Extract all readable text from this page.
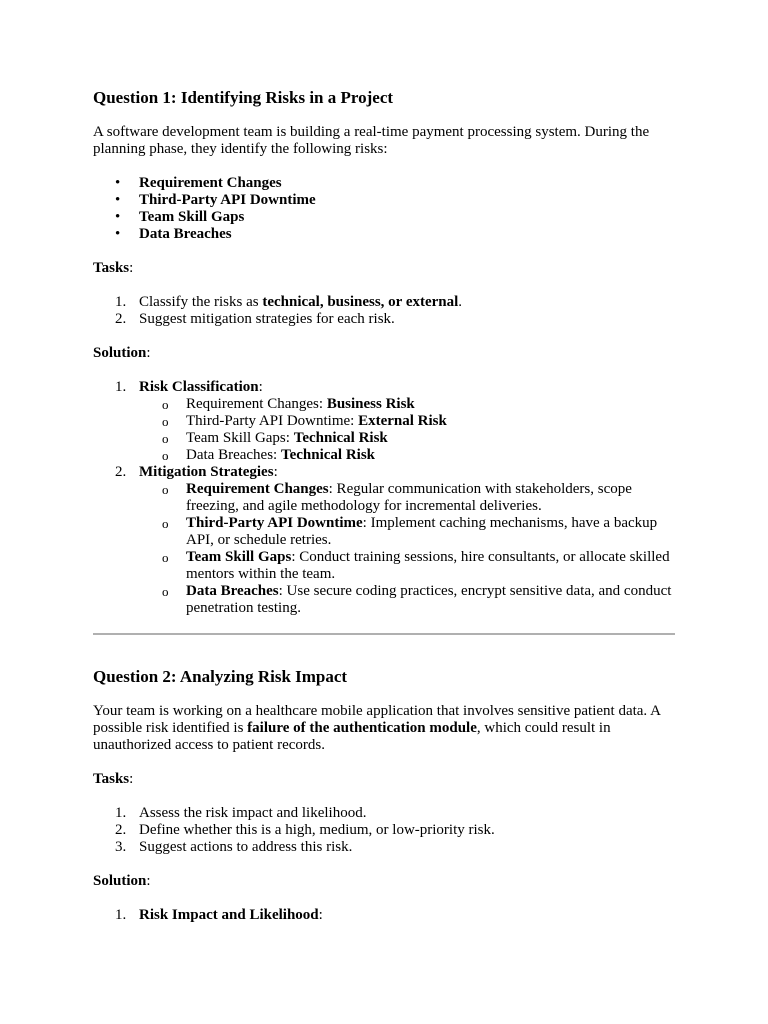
Question 1: Identifying Risks in a Project

A software development team is building a real-time payment processing system. During the planning phase, they identify the following risks:

• Requirement Changes
• Third-Party API Downtime
• Team Skill Gaps
• Data Breaches

Tasks:

1. Classify the risks as technical, business, or external.
2. Suggest mitigation strategies for each risk.

Solution:

1. Risk Classification:
o Requirement Changes: Business Risk
o Third-Party API Downtime: External Risk
o Team Skill Gaps: Technical Risk
o Data Breaches: Technical Risk
2. Mitigation Strategies:
o Requirement Changes: Regular communication with stakeholders, scope freezing, and agile methodology for incremental deliveries.
o Third-Party API Downtime: Implement caching mechanisms, have a backup API, or schedule retries.
o Team Skill Gaps: Conduct training sessions, hire consultants, or allocate skilled mentors within the team.
o Data Breaches: Use secure coding practices, encrypt sensitive data, and conduct penetration testing.
Question 2: Analyzing Risk Impact

Your team is working on a healthcare mobile application that involves sensitive patient data. A possible risk identified is failure of the authentication module, which could result in unauthorized access to patient records.

Tasks:

1. Assess the risk impact and likelihood.
2. Define whether this is a high, medium, or low-priority risk.
3. Suggest actions to address this risk.

Solution:

1. Risk Impact and Likelihood:
